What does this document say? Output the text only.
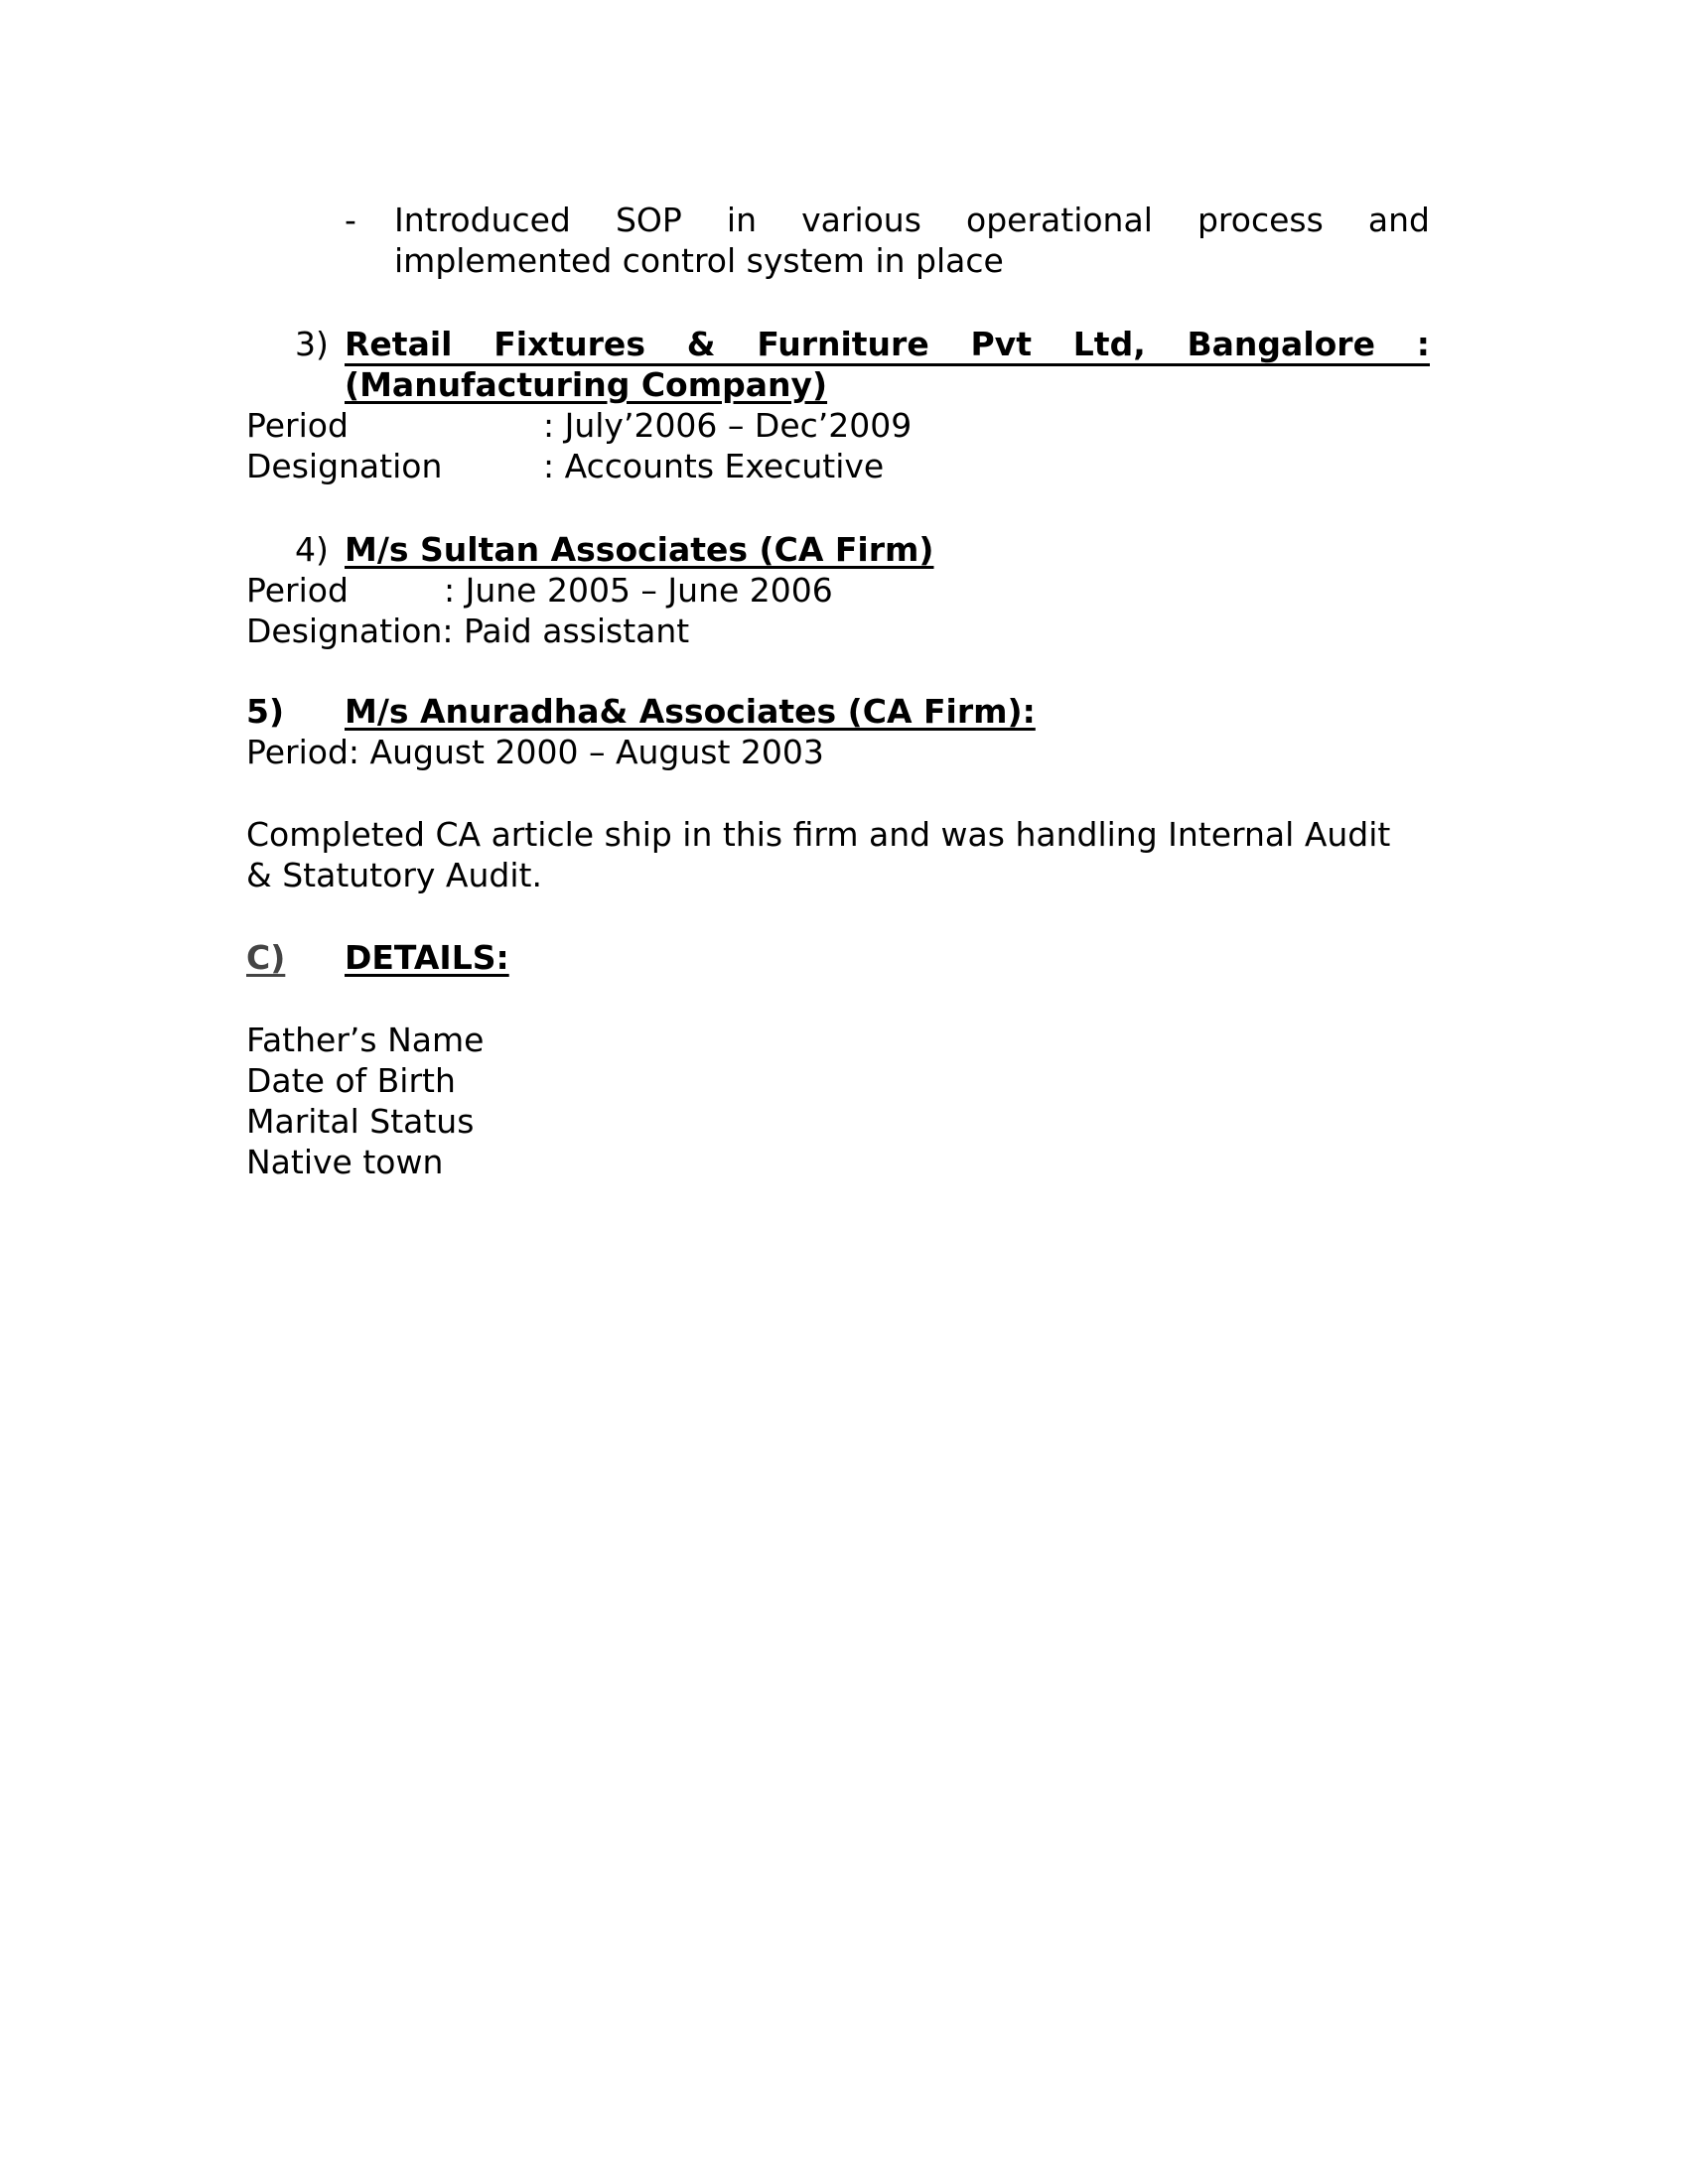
- Introduced SOP in various operational process and
implemented control system in place
3) Retail Fixtures & Furniture Pvt Ltd, Bangalore :
(Manufacturing Company)
Period	: July’2006 – Dec’2009
Designation	: Accounts Executive
4) M/s Sultan Associates (CA Firm)
Period	: June 2005 – June 2006
Designation: Paid assistant
5) M/s Anuradha& Associates (CA Firm):
Period: August 2000 – August 2003
Completed CA article ship in this firm and was handling Internal Audit
& Statutory Audit.
C) DETAILS:
Father’s Name
Date of Birth
Marital Status
Native town
